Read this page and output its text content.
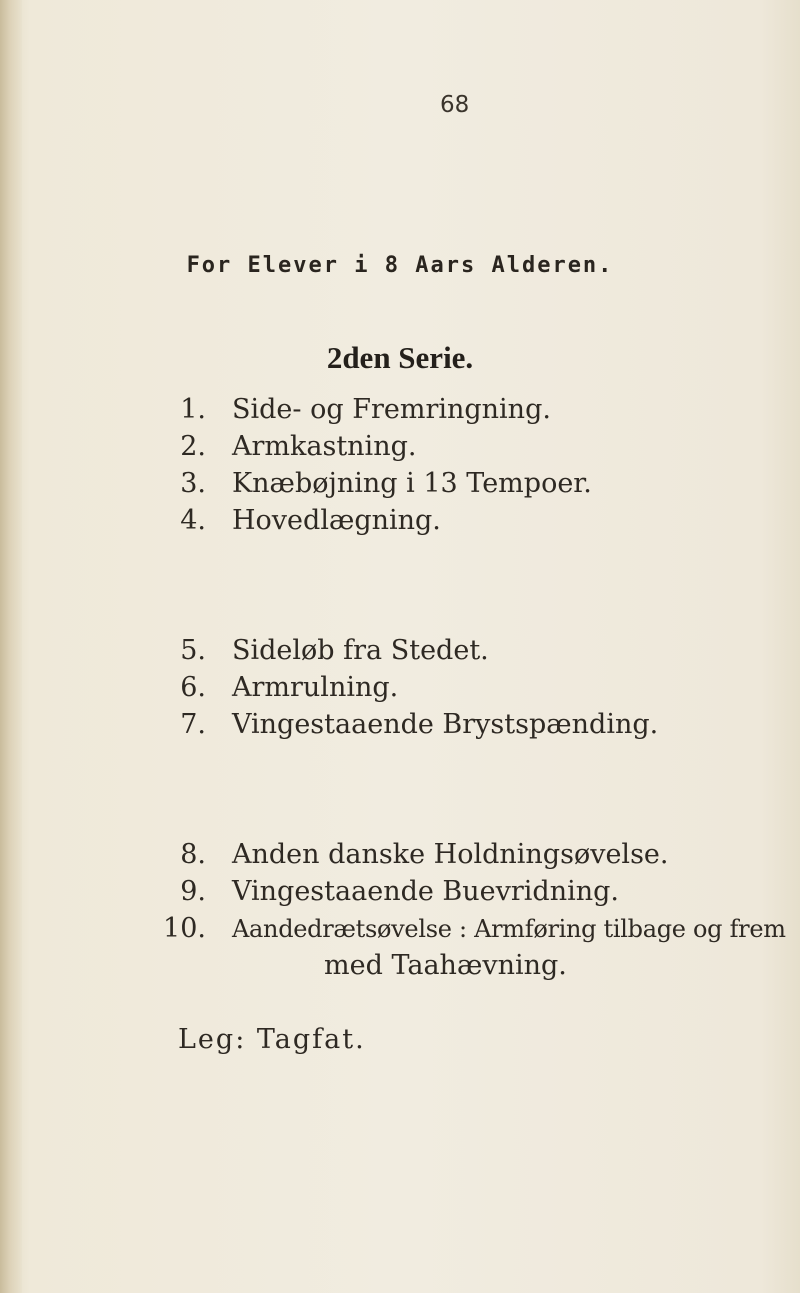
68
For Elever i 8 Aars Alderen.
2den Serie.
1. Side- og Fremringning.
2. Armkastning.
3. Knæbøjning i 13 Tempoer.
4. Hovedlægning.
5. Sideløb fra Stedet.
6. Armrulning.
7. Vingestaaende Brystspænding.
8. Anden danske Holdningsøvelse.
9. Vingestaaende Buevridning.
10. Aandedrætsøvelse : Armføring tilbage og frem
med Taahævning.
Leg: Tagfat.
